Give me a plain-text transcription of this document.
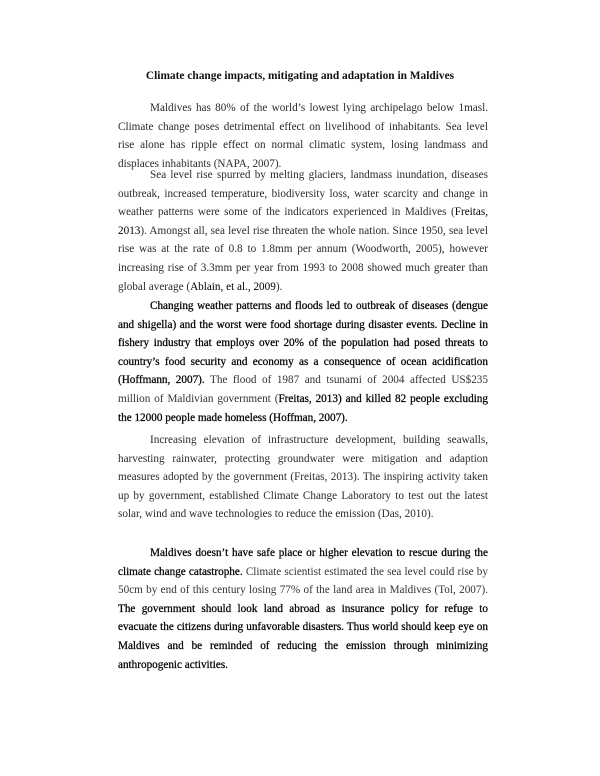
Climate change impacts, mitigating and adaptation in Maldives

Maldives has 80% of the world’s lowest lying archipelago below 1masl. Climate change poses detrimental effect on livelihood of inhabitants. Sea level rise alone has ripple effect on normal climatic system, losing landmass and displaces inhabitants (NAPA, 2007).

Sea level rise spurred by melting glaciers, landmass inundation, diseases outbreak, increased temperature, biodiversity loss, water scarcity and change in weather patterns were some of the indicators experienced in Maldives (Freitas, 2013). Amongst all, sea level rise threaten the whole nation. Since 1950, sea level rise was at the rate of 0.8 to 1.8mm per annum (Woodworth, 2005), however increasing rise of 3.3mm per year from 1993 to 2008 showed much greater than global average (Ablain, et al., 2009).

Changing weather patterns and floods led to outbreak of diseases (dengue and shigella) and the worst were food shortage during disaster events. Decline in fishery industry that employs over 20% of the population had posed threats to country’s food security and economy as a consequence of ocean acidification (Hoffmann, 2007). The flood of 1987 and tsunami of 2004 affected US$235 million of Maldivian government (Freitas, 2013) and killed 82 people excluding the 12000 people made homeless (Hoffman, 2007).

Increasing elevation of infrastructure development, building seawalls, harvesting rainwater, protecting groundwater were mitigation and adaption measures adopted by the government (Freitas, 2013). The inspiring activity taken up by government, established Climate Change Laboratory to test out the latest solar, wind and wave technologies to reduce the emission (Das, 2010).

Maldives doesn’t have safe place or higher elevation to rescue during the climate change catastrophe. Climate scientist estimated the sea level could rise by 50cm by end of this century losing 77% of the land area in Maldives (Tol, 2007). The government should look land abroad as insurance policy for refuge to evacuate the citizens during unfavorable disasters. Thus world should keep eye on Maldives and be reminded of reducing the emission through minimizing anthropogenic activities.
